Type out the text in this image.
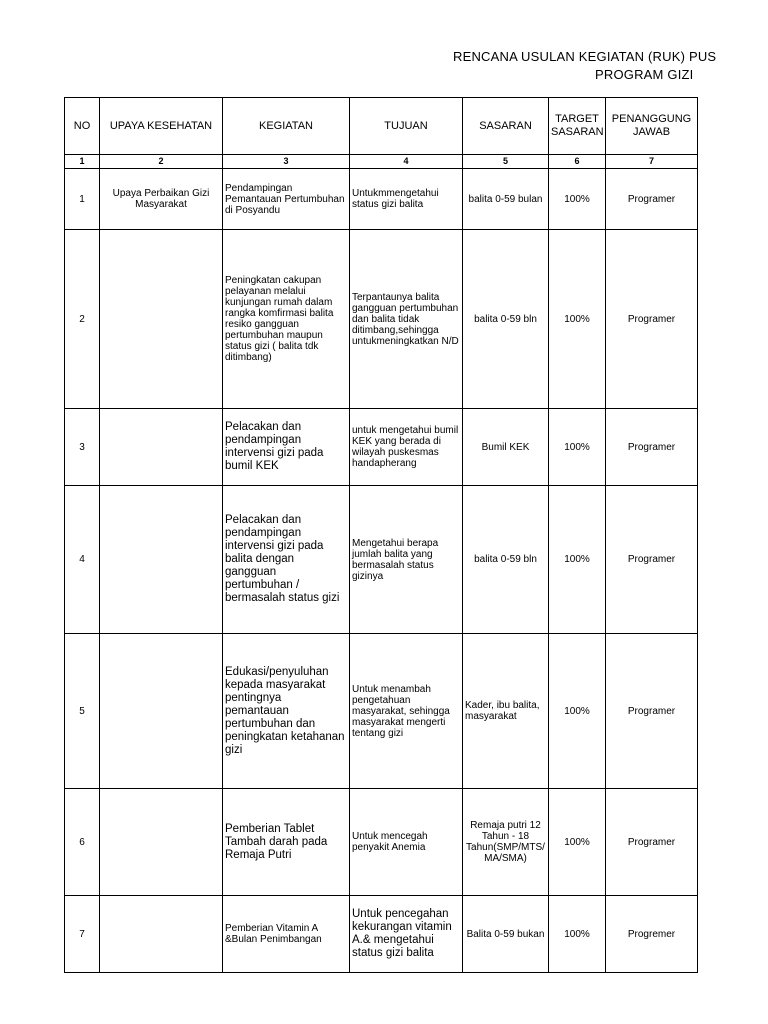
RENCANA USULAN KEGIATAN (RUK) PUS
PROGRAM GIZI
NO	UPAYA KESEHATAN	KEGIATAN	TUJUAN	SASARAN	TARGET SASARAN	PENANGGUNG JAWAB
1	2	3	4	5	6	7
1	Upaya Perbaikan Gizi Masyarakat	Pendampingan Pemantauan Pertumbuhan di Posyandu	Untukmmengetahui status gizi balita	balita 0-59 bulan	100%	Programer
2		Peningkatan cakupan pelayanan melalui kunjungan rumah dalam rangka komfirmasi balita resiko gangguan pertumbuhan maupun status gizi ( balita tdk ditimbang)	Terpantaunya balita gangguan pertumbuhan dan balita tidak ditimbang,sehingga untukmeningkatkan N/D	balita 0-59 bln	100%	Programer
3		Pelacakan dan pendampingan intervensi gizi pada bumil KEK	untuk mengetahui bumil KEK yang berada di wilayah puskesmas handapherang	Bumil KEK	100%	Programer
4		Pelacakan dan pendampingan intervensi gizi pada balita dengan gangguan pertumbuhan / bermasalah status gizi	Mengetahui berapa jumlah balita yang bermasalah status gizinya	balita 0-59 bln	100%	Programer
5		Edukasi/penyuluhan kepada masyarakat pentingnya pemantauan pertumbuhan dan peningkatan ketahanan gizi	Untuk menambah pengetahuan masyarakat, sehingga masyarakat mengerti tentang gizi	Kader, ibu balita, masyarakat	100%	Programer
6		Pemberian Tablet Tambah darah pada Remaja Putri	Untuk mencegah penyakit Anemia	Remaja putri 12 Tahun - 18 Tahun(SMP/MTS/ MA/SMA)	100%	Programer
7		Pemberian Vitamin A &Bulan Penimbangan	Untuk pencegahan kekurangan vitamin A.& mengetahui status gizi balita	Balita 0-59 bukan	100%	Progremer
